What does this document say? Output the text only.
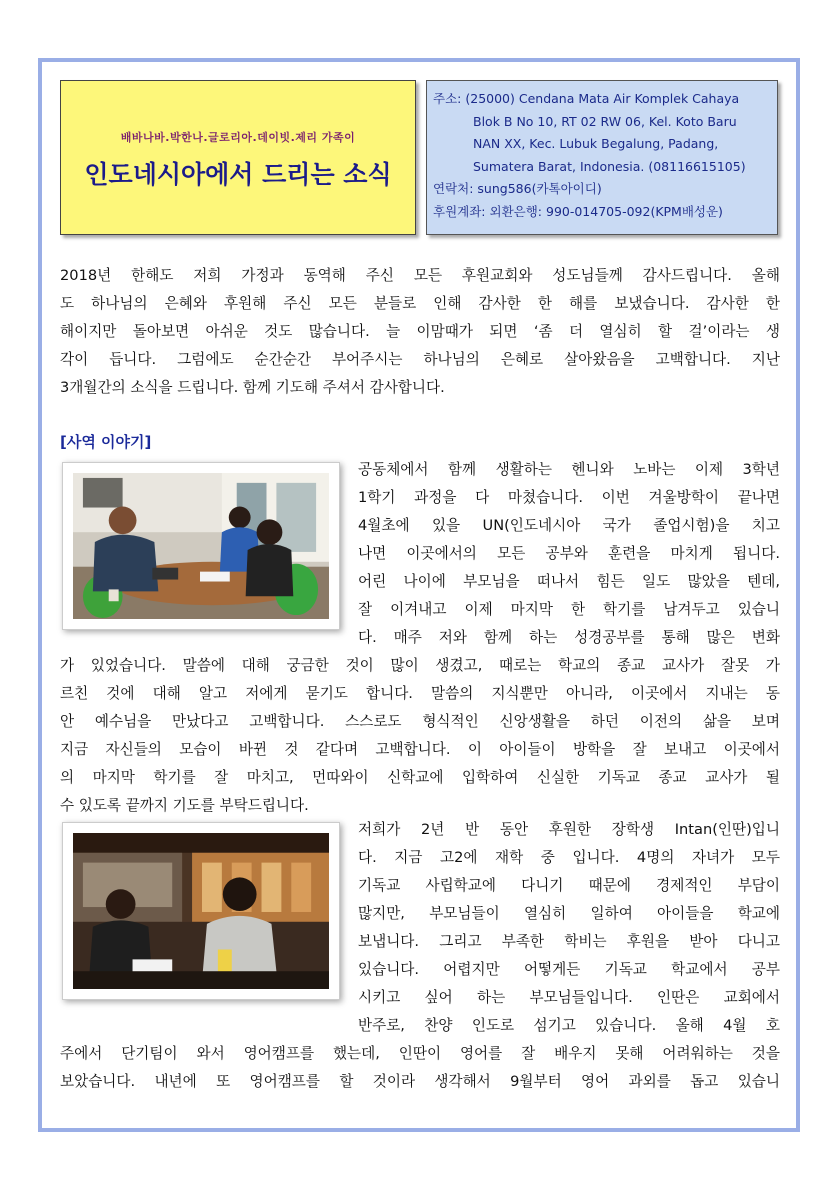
배바나바.박한나.글로리아.데이빗.제리 가족이
인도네시아에서 드리는 소식
주소: (25000) Cendana Mata Air Komplek Cahaya
Blok B No 10, RT 02 RW 06, Kel. Koto Baru
NAN XX, Kec. Lubuk Begalung, Padang,
Sumatera Barat, Indonesia. (08116615105)
연락처: sung586(카톡아이디)
후원계좌: 외환은행: 990-014705-092(KPM배성운)
2018년 한해도 저희 가정과 동역해 주신 모든 후원교회와 성도님들께 감사드립니다. 올해
도 하나님의 은혜와 후원해 주신 모든 분들로 인해 감사한 한 해를 보냈습니다. 감사한 한
해이지만 돌아보면 아쉬운 것도 많습니다. 늘 이맘때가 되면 ‘좀 더 열심히 할 걸’이라는 생
각이 듭니다. 그럼에도 순간순간 부어주시는 하나님의 은혜로 살아왔음을 고백합니다. 지난
3개월간의 소식을 드립니다. 함께 기도해 주셔서 감사합니다.
[사역 이야기]
공동체에서 함께 생활하는 헨니와 노바는 이제 3학년
1학기 과정을 다 마쳤습니다. 이번 겨울방학이 끝나면
4월초에 있을 UN(인도네시아 국가 졸업시험)을 치고
나면 이곳에서의 모든 공부와 훈련을 마치게 됩니다.
어린 나이에 부모님을 떠나서 힘든 일도 많았을 텐데,
잘 이겨내고 이제 마지막 한 학기를 남겨두고 있습니
다. 매주 저와 함께 하는 성경공부를 통해 많은 변화
가 있었습니다. 말씀에 대해 궁금한 것이 많이 생겼고, 때로는 학교의 종교 교사가 잘못 가
르친 것에 대해 알고 저에게 묻기도 합니다. 말씀의 지식뿐만 아니라, 이곳에서 지내는 동
안 예수님을 만났다고 고백합니다. 스스로도 형식적인 신앙생활을 하던 이전의 삶을 보며
지금 자신들의 모습이 바뀐 것 같다며 고백합니다. 이 아이들이 방학을 잘 보내고 이곳에서
의 마지막 학기를 잘 마치고, 먼따와이 신학교에 입학하여 신실한 기독교 종교 교사가 될
수 있도록 끝까지 기도를 부탁드립니다.
저희가 2년 반 동안 후원한 장학생 Intan(인딴)입니
다. 지금 고2에 재학 중 입니다. 4명의 자녀가 모두
기독교 사립학교에 다니기 때문에 경제적인 부담이
많지만, 부모님들이 열심히 일하여 아이들을 학교에
보냅니다. 그리고 부족한 학비는 후원을 받아 다니고
있습니다. 어렵지만 어떻게든 기독교 학교에서 공부
시키고 싶어 하는 부모님들입니다. 인딴은 교회에서
반주로, 찬양 인도로 섬기고 있습니다. 올해 4월 호
주에서 단기팀이 와서 영어캠프를 했는데, 인딴이 영어를 잘 배우지 못해 어려워하는 것을
보았습니다. 내년에 또 영어캠프를 할 것이라 생각해서 9월부터 영어 과외를 돕고 있습니
